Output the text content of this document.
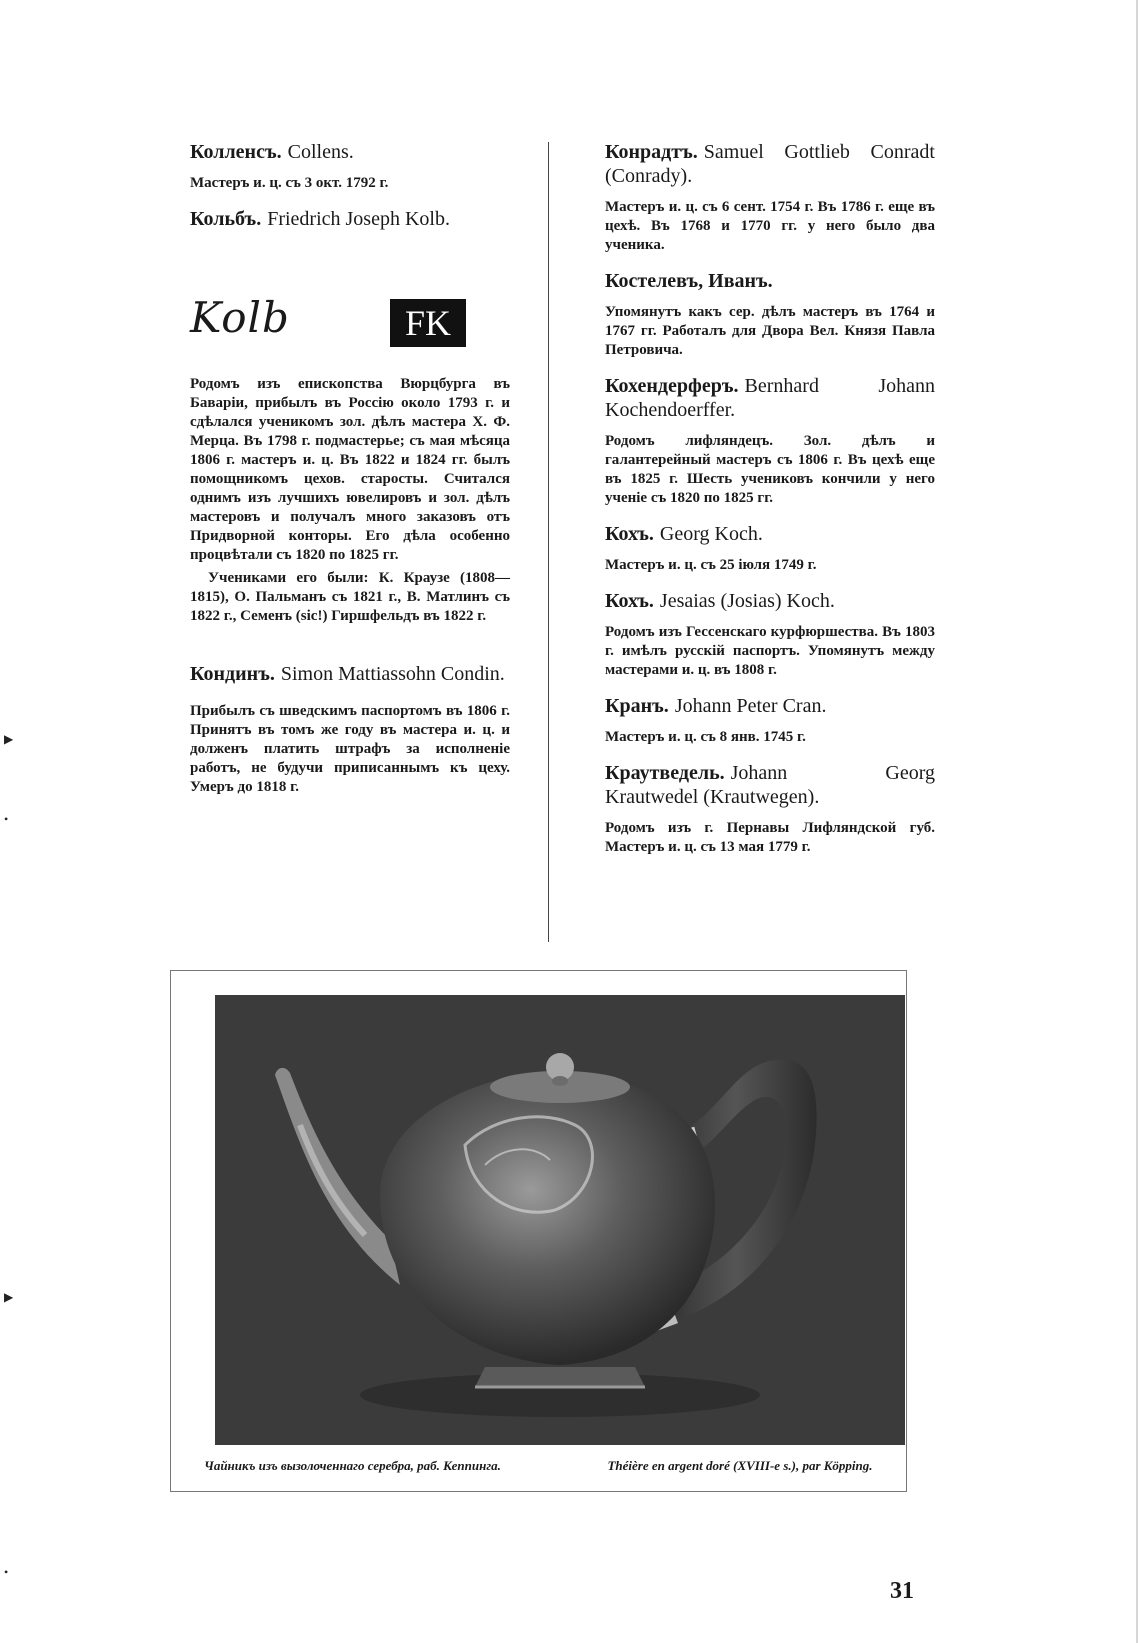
Колленсъ. Collens.
Мастеръ и. ц. съ 3 окт. 1792 г.
Кольбъ. Friedrich Joseph Kolb.
Kolb	FK
Родомъ изъ епископства Вюрцбурга въ Баваріи, прибылъ въ Россію около 1793 г. и сдѣлался ученикомъ зол. дѣлъ мастера Х. Ф. Мерца. Въ 1798 г. подмастерье; съ мая мѣсяца 1806 г. мастеръ и. ц. Въ 1822 и 1824 гг. былъ помощникомъ цехов. старосты. Считался однимъ изъ лучшихъ ювелировъ и зол. дѣлъ мастеровъ и получалъ много заказовъ отъ Придворной конторы. Его дѣла особенно процвѣтали съ 1820 по 1825 гг.
Учениками его были: К. Краузе (1808—1815), О. Пальманъ съ 1821 г., В. Матлинъ съ 1822 г., Семенъ (sic!) Гиршфельдъ въ 1822 г.
Кондинъ. Simon Mattiassohn Condin.
Прибылъ съ шведскимъ паспортомъ въ 1806 г. Принятъ въ томъ же году въ мастера и. ц. и долженъ платить штрафъ за исполненіе работъ, не будучи приписаннымъ къ цеху. Умеръ до 1818 г.
Конрадтъ. Samuel Gottlieb Conradt (Conrady).
Мастеръ и. ц. съ 6 сент. 1754 г. Въ 1786 г. еще въ цехѣ. Въ 1768 и 1770 гг. у него было два ученика.
Костелевъ, Иванъ.
Упомянутъ какъ сер. дѣлъ мастеръ въ 1764 и 1767 гг. Работалъ для Двора Вел. Князя Павла Петровича.
Кохендерферъ. Bernhard Johann Kochendoerffer.
Родомъ лифляндецъ. Зол. дѣлъ и галантерейный мастеръ съ 1806 г. Въ цехѣ еще въ 1825 г. Шесть учениковъ кончили у него ученіе съ 1820 по 1825 гг.
Кохъ. Georg Koch.
Мастеръ и. ц. съ 25 іюля 1749 г.
Кохъ. Jesaias (Josias) Koch.
Родомъ изъ Гессенскаго курфюршества. Въ 1803 г. имѣлъ русскій паспортъ. Упомянутъ между мастерами и. ц. въ 1808 г.
Кранъ. Johann Peter Cran.
Мастеръ и. ц. съ 8 янв. 1745 г.
Краутведель. Johann Georg Krautwedel (Krautwegen).
Родомъ изъ г. Пернавы Лифляндской губ. Мастеръ и. ц. съ 13 мая 1779 г.
Чайникъ изъ вызолоченнаго серебра, раб. Кеппинга.	Théière en argent doré (XVIII-e s.), par Köpping.
31
▶
•
▶
•
